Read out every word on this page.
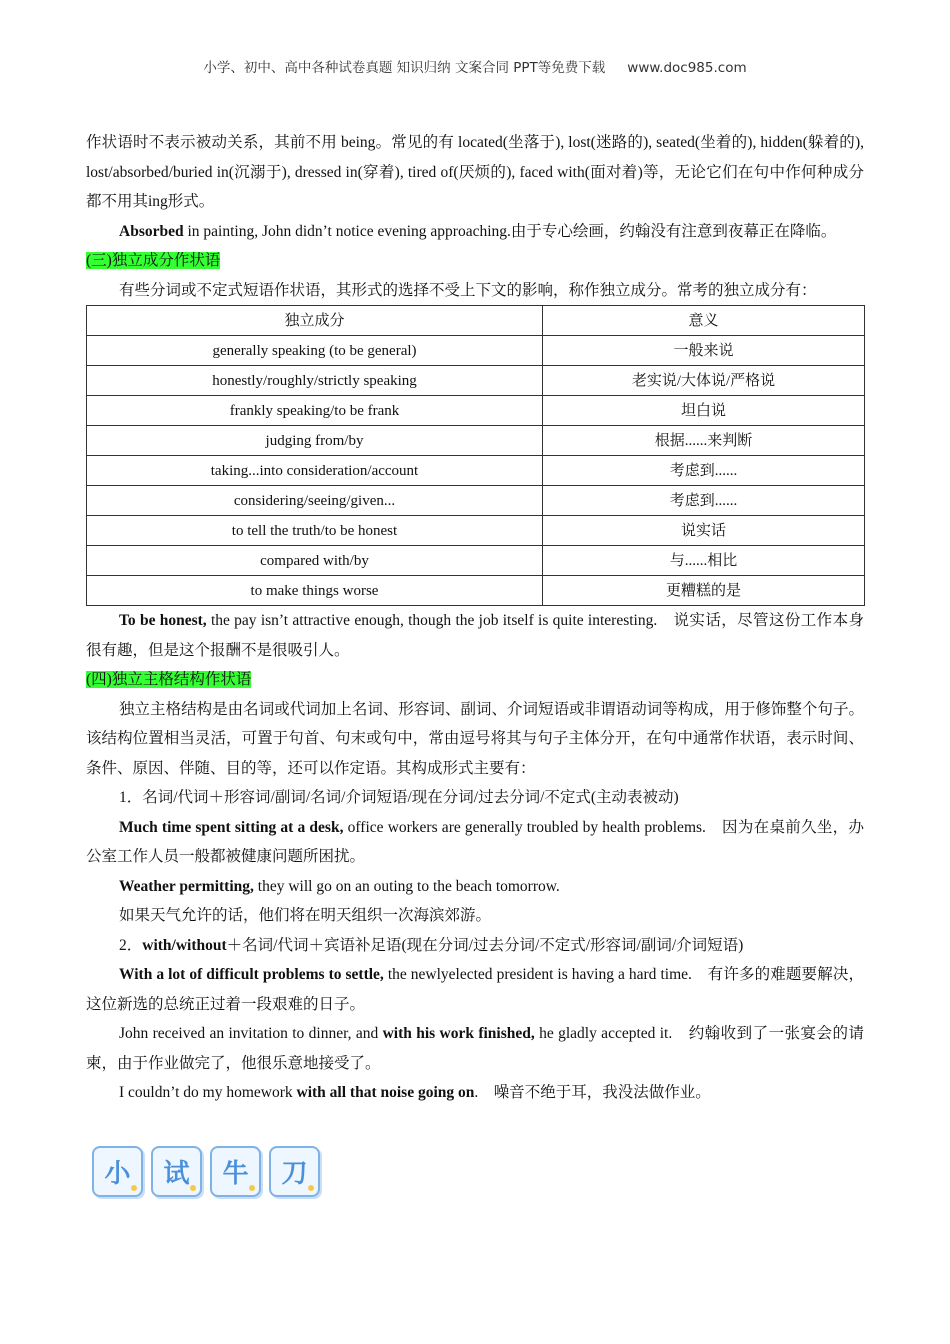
小学、初中、高中各种试卷真题 知识归纳 文案合同 PPT等免费下载 www.doc985.com

作状语时不表示被动关系，其前不用 being。常见的有 located(坐落于), lost(迷路的), seated(坐着的), hidden(躲着的), lost/absorbed/buried in(沉溺于), dressed in(穿着), tired of(厌烦的), faced with(面对着)等，无论它们在句中作何种成分都不用其ing形式。

Absorbed in painting, John didn’t notice evening approaching.由于专心绘画，约翰没有注意到夜幕正在降临。

(三)独立成分作状语

有些分词或不定式短语作状语，其形式的选择不受上下文的影响，称作独立成分。常考的独立成分有：

独立成分	意义
generally speaking (to be general)	一般来说
honestly/roughly/strictly speaking	老实说/大体说/严格说
frankly speaking/to be frank	坦白说
judging from/by	根据......来判断
taking...into consideration/account	考虑到......
considering/seeing/given...	考虑到......
to tell the truth/to be honest	说实话
compared with/by	与......相比
to make things worse	更糟糕的是

To be honest, the pay isn’t attractive enough, though the job itself is quite interesting.　说实话，尽管这份工作本身很有趣，但是这个报酬不是很吸引人。

(四)独立主格结构作状语

独立主格结构是由名词或代词加上名词、形容词、副词、介词短语或非谓语动词等构成，用于修饰整个句子。该结构位置相当灵活，可置于句首、句末或句中，常由逗号将其与句子主体分开，在句中通常作状语，表示时间、条件、原因、伴随、目的等，还可以作定语。其构成形式主要有：

1．名词/代词＋形容词/副词/名词/介词短语/现在分词/过去分词/不定式(主动表被动)

Much time spent sitting at a desk, office workers are generally troubled by health problems.　因为在桌前久坐，办公室工作人员一般都被健康问题所困扰。

Weather permitting, they will go on an outing to the beach tomorrow.

如果天气允许的话，他们将在明天组织一次海滨郊游。

2．with/without＋名词/代词＋宾语补足语(现在分词/过去分词/不定式/形容词/副词/介词短语)

With a lot of difficult problems to settle, the newlyelected president is having a hard time.　有许多的难题要解决，这位新选的总统正过着一段艰难的日子。

John received an invitation to dinner, and with his work finished, he gladly accepted it.　约翰收到了一张宴会的请柬，由于作业做完了，他很乐意地接受了。

I couldn’t do my homework with all that noise going on.　噪音不绝于耳，我没法做作业。

小	试	牛	刀
